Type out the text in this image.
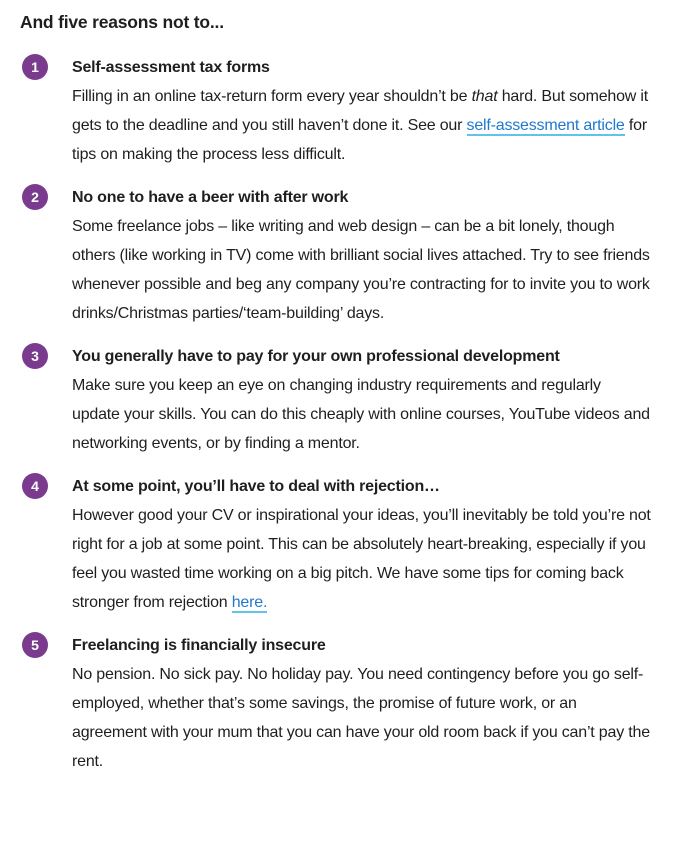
And five reasons not to...
1 Self-assessment tax forms

Filling in an online tax-return form every year shouldn’t be that hard. But somehow it gets to the deadline and you still haven’t done it. See our self-assessment article for tips on making the process less difficult.

2 No one to have a beer with after work

Some freelance jobs – like writing and web design – can be a bit lonely, though others (like working in TV) come with brilliant social lives attached. Try to see friends whenever possible and beg any company you’re contracting for to invite you to work drinks/Christmas parties/‘team-building’ days.

3 You generally have to pay for your own professional development

Make sure you keep an eye on changing industry requirements and regularly update your skills. You can do this cheaply with online courses, YouTube videos and networking events, or by finding a mentor.

4 At some point, you’ll have to deal with rejection…

However good your CV or inspirational your ideas, you’ll inevitably be told you’re not right for a job at some point. This can be absolutely heart-breaking, especially if you feel you wasted time working on a big pitch. We have some tips for coming back stronger from rejection here.

5 Freelancing is financially insecure

No pension. No sick pay. No holiday pay. You need contingency before you go self-employed, whether that’s some savings, the promise of future work, or an agreement with your mum that you can have your old room back if you can’t pay the rent.
